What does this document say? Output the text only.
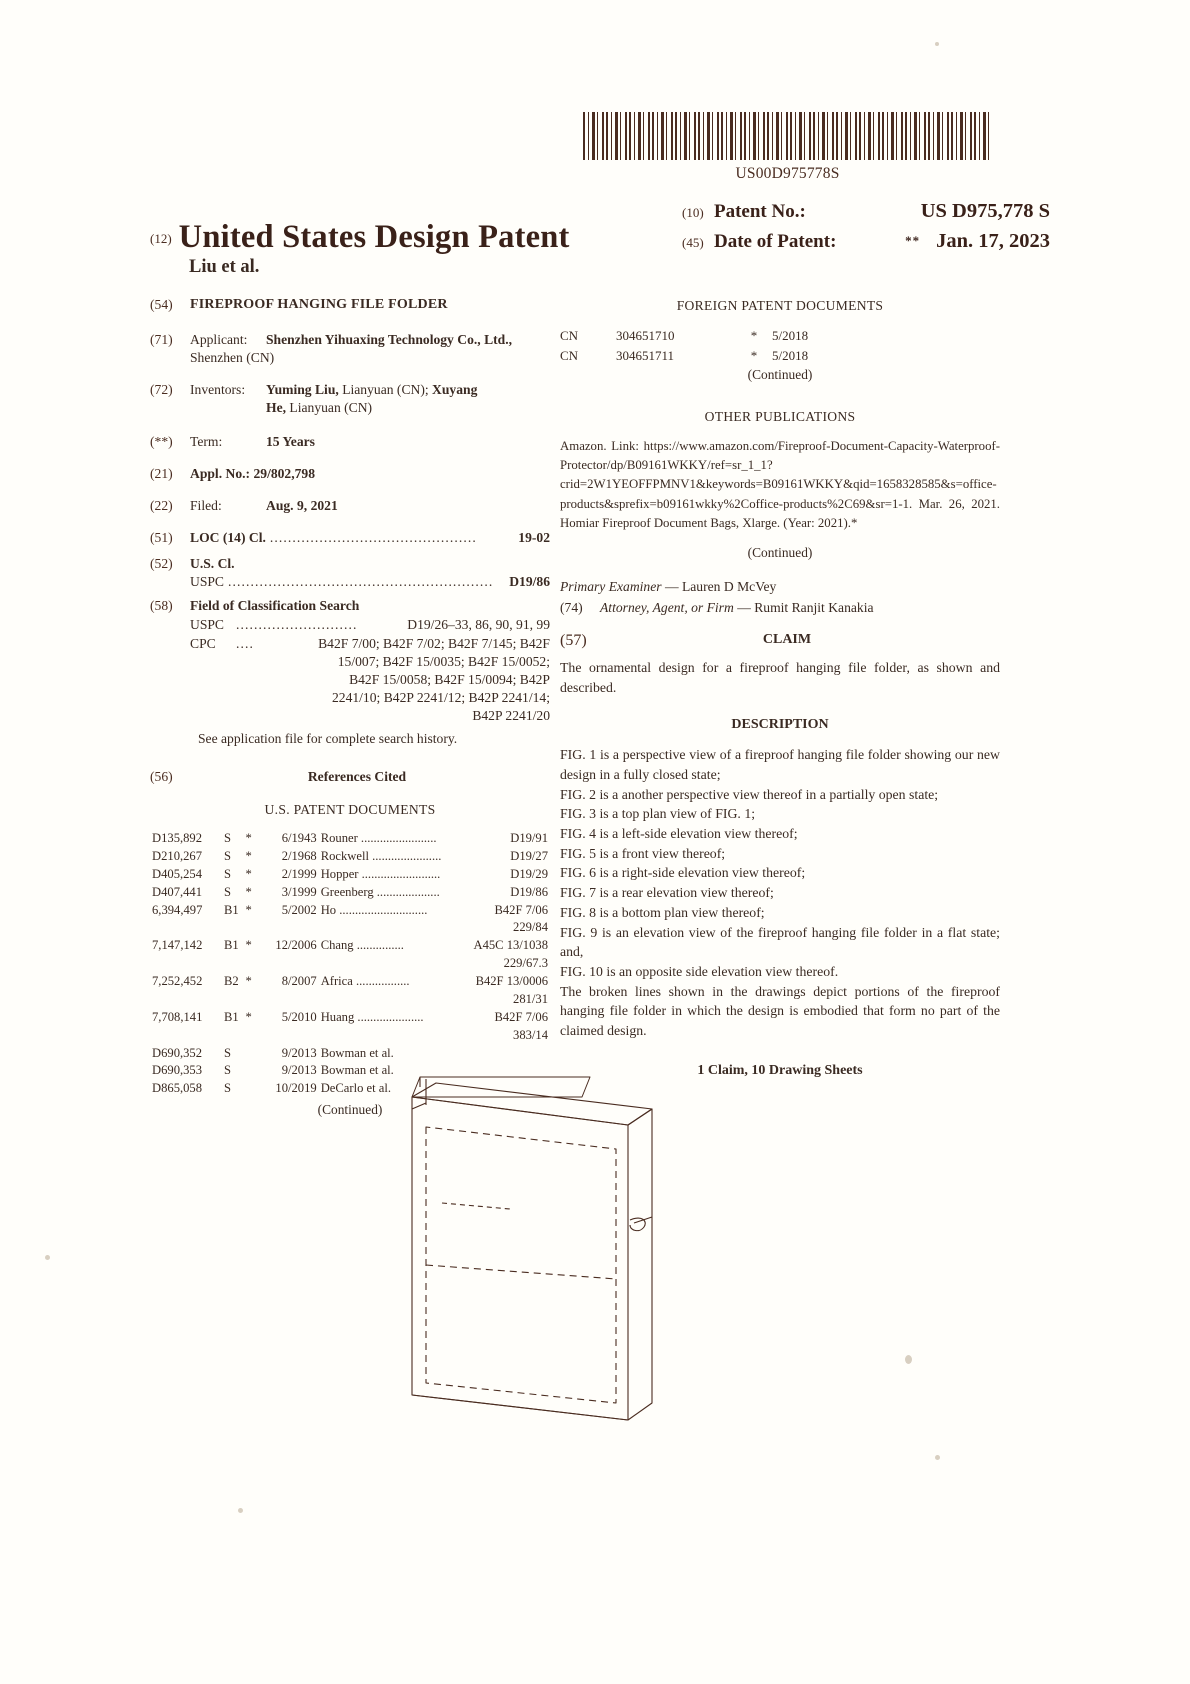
US00D975778S
(12) United States Design Patent
(10) Patent No.:	US D975,778 S
(45) Date of Patent:	** Jan. 17, 2023
Liu et al.
(54)	FIREPROOF HANGING FILE FOLDER
(71)	Applicant: Shenzhen Yihuaxing Technology Co., Ltd., Shenzhen (CN)
(72)	Inventors: Yuming Liu, Lianyuan (CN); Xuyang
He, Lianyuan (CN)
(**)	Term:	15 Years
(21)	Appl. No.: 29/802,798
(22)	Filed:	Aug. 9, 2021
(51)	LOC (14) Cl. ..............................................	19-02
(52)	U.S. Cl.
USPC ...........................................................	D19/86
(58)	Field of Classification Search
USPC ...........................	D19/26–33, 86, 90, 91, 99
CPC	....	B42F 7/00; B42F 7/02; B42F 7/145; B42F
15/007; B42F 15/0035; B42F 15/0052;
B42F 15/0058; B42F 15/0094; B42P
2241/10; B42P 2241/12; B42P 2241/14;
B42P 2241/20
See application file for complete search history.
(56)	References Cited
U.S. PATENT DOCUMENTS
D135,892	S	*	6/1943	Rouner ........................	D19/91
D210,267	S	*	2/1968	Rockwell ......................	D19/27
D405,254	S	*	2/1999	Hopper .........................	D19/29
D407,441	S	*	3/1999	Greenberg ....................	D19/86
6,394,497	B1	*	5/2002	Ho ............................	B42F 7/06
229/84					
7,147,142	B1	*	12/2006	Chang ...............	A45C 13/1038
229/67.3					
7,252,452	B2	*	8/2007	Africa .................	B42F 13/0006
281/31					
7,708,141	B1	*	5/2010	Huang .....................	B42F 7/06
383/14					
D690,352	S		9/2013	Bowman et al.	
D690,353	S		9/2013	Bowman et al.	
D865,058	S		10/2019	DeCarlo et al.	
(Continued)
FOREIGN PATENT DOCUMENTS
CN	304651710	*	5/2018
CN	304651711	*	5/2018
(Continued)
OTHER PUBLICATIONS
Amazon. Link: https://www.amazon.com/Fireproof-Document-Capacity-Waterproof-Protector/dp/B09161WKKY/ref=sr_1_1?crid=2W1YEOFFPMNV1&keywords=B09161WKKY&qid=1658328585&s=office-products&sprefix=b09161wkky%2Coffice-products%2C69&sr=1-1. Mar. 26, 2021. Homiar Fireproof Document Bags, Xlarge. (Year: 2021).*
(Continued)
Primary Examiner — Lauren D McVey
(74)	Attorney, Agent, or Firm — Rumit Ranjit Kanakia
(57)	CLAIM
The ornamental design for a fireproof hanging file folder, as shown and described.
DESCRIPTION

FIG. 1 is a perspective view of a fireproof hanging file folder showing our new design in a fully closed state;

FIG. 2 is a another perspective view thereof in a partially open state;

FIG. 3 is a top plan view of FIG. 1;

FIG. 4 is a left-side elevation view thereof;

FIG. 5 is a front view thereof;

FIG. 6 is a right-side elevation view thereof;

FIG. 7 is a rear elevation view thereof;

FIG. 8 is a bottom plan view thereof;

FIG. 9 is an elevation view of the fireproof hanging file folder in a flat state; and,

FIG. 10 is an opposite side elevation view thereof.

The broken lines shown in the drawings depict portions of the fireproof hanging file folder in which the design is embodied that form no part of the claimed design.

1 Claim, 10 Drawing Sheets
